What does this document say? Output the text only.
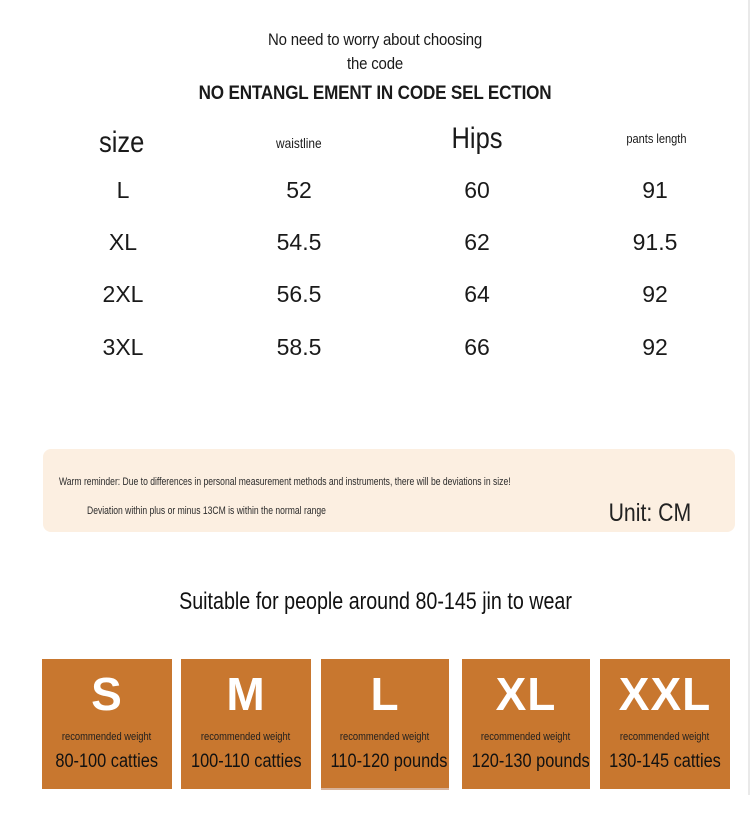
No need to worry about choosing
the code
NO ENTANGL EMENT IN CODE SEL ECTION
size	waistline	Hips	pants length
L	52	60	91
XL	54.5	62	91.5
2XL	56.5	64	92
3XL	58.5	66	92
Warm reminder: Due to differences in personal measurement methods and instruments, there will be deviations in size!
Deviation within plus or minus 13CM is within the normal range	Unit: CM
Suitable for people around 80-145 jin to wear
S
recommended weight
80-100 catties
M
recommended weight
100-110 catties
L
recommended weight
110-120 pounds
XL
recommended weight
120-130 pounds
XXL
recommended weight
130-145 catties
